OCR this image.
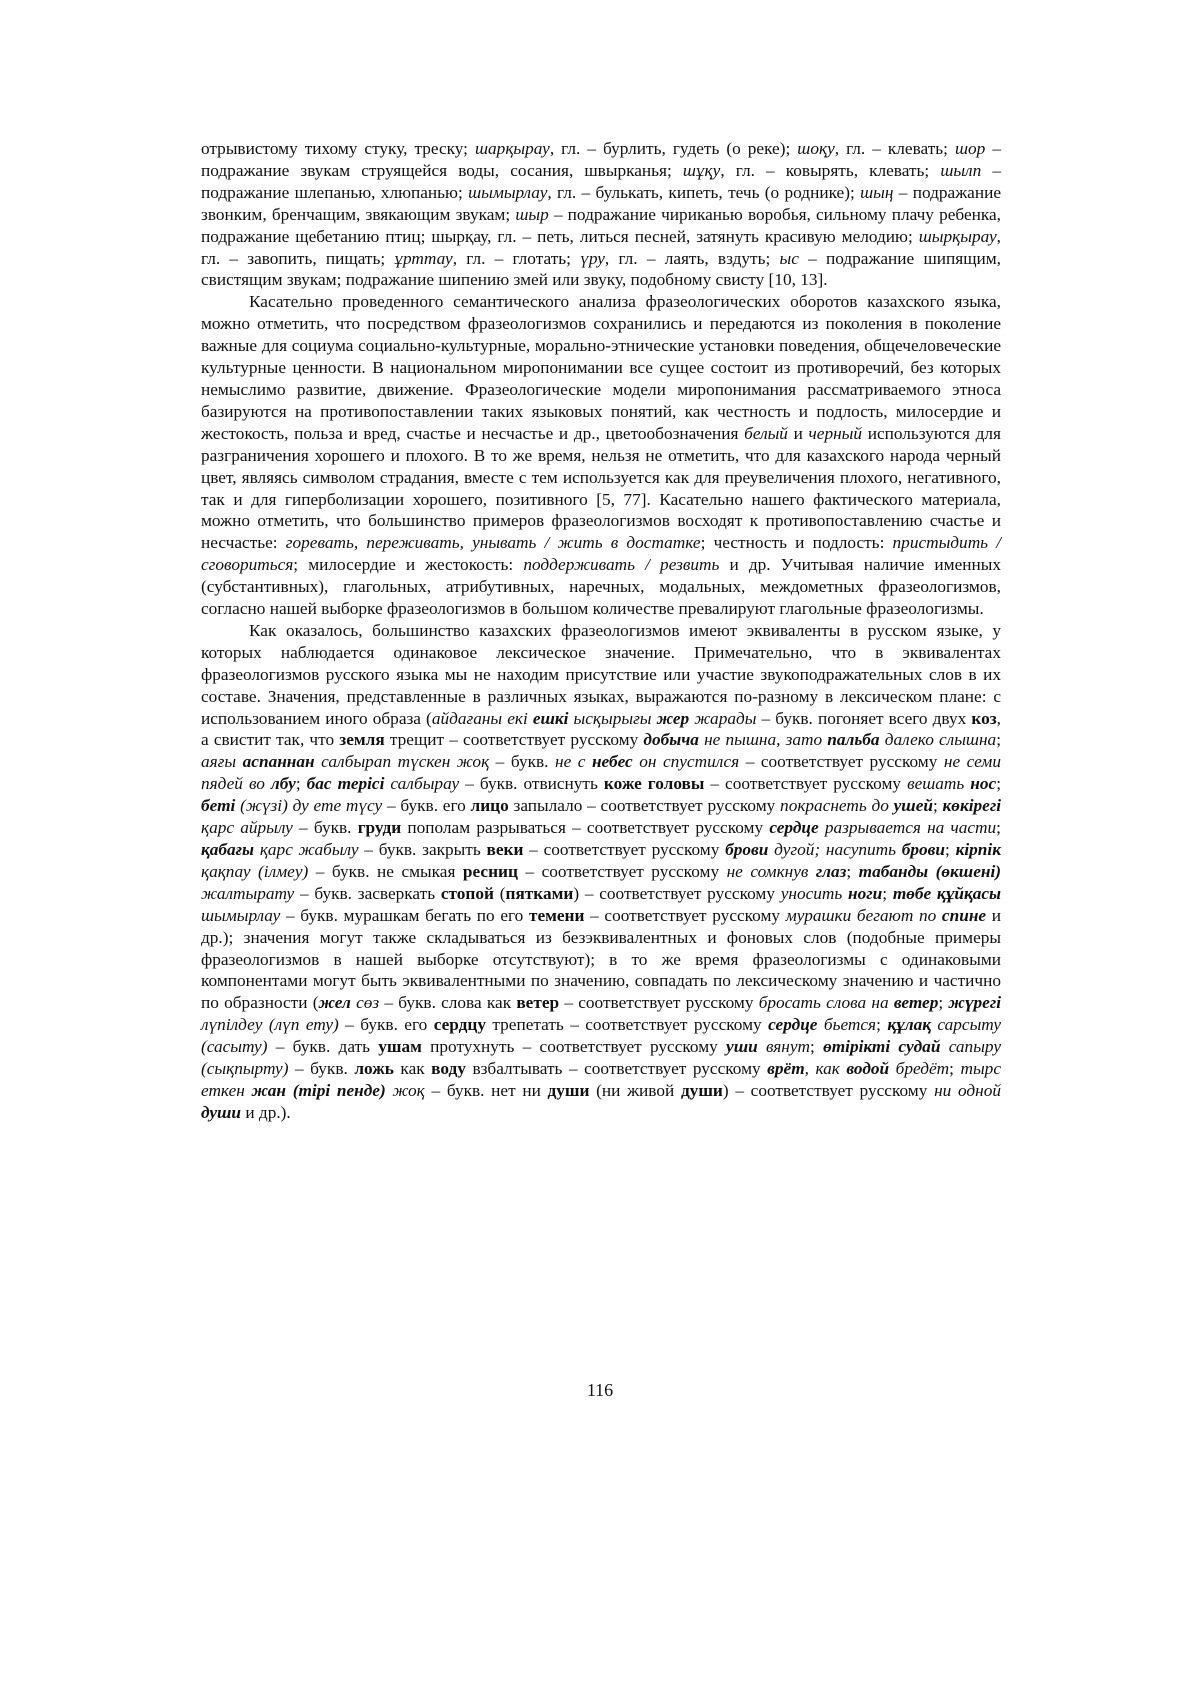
отрывистому тихому стуку, треску; шарқырау, гл. – бурлить, гудеть (о реке); шоқу, гл. – клевать; шор – подражание звукам струящейся воды, сосания, швырканья; шұқу, гл. – ковырять, клевать; шылп – подражание шлепанью, хлюпанью; шымырлау, гл. – булькать, кипеть, течь (о роднике); шың – подражание звонким, бренчащим, звякающим звукам; шыр – подражание чириканью воробья, сильному плачу ребенка, подражание щебетанию птиц; шырқау, гл. – петь, литься песней, затянуть красивую мелодию; шырқырау, гл. – завопить, пищать; ұрттау, гл. – глотать; үру, гл. – лаять, вздуть; ыс – подражание шипящим, свистящим звукам; подражание шипению змей или звуку, подобному свисту [10, 13].

Касательно проведенного семантического анализа фразеологических оборотов казахского языка, можно отметить, что посредством фразеологизмов сохранились и передаются из поколения в поколение важные для социума социально-культурные, морально-этнические установки поведения, общечеловеческие культурные ценности. В национальном миропонимании все сущее состоит из противоречий, без которых немыслимо развитие, движение. Фразеологические модели миропонимания рассматриваемого этноса базируются на противопоставлении таких языковых понятий, как честность и подлость, милосердие и жестокость, польза и вред, счастье и несчастье и др., цветообозначения белый и черный используются для разграничения хорошего и плохого. В то же время, нельзя не отметить, что для казахского народа черный цвет, являясь символом страдания, вместе с тем используется как для преувеличения плохого, негативного, так и для гиперболизации хорошего, позитивного [5, 77]. Касательно нашего фактического материала, можно отметить, что большинство примеров фразеологизмов восходят к противопоставлению счастье и несчастье: горевать, переживать, унывать / жить в достатке; честность и подлость: пристыдить / сговориться; милосердие и жестокость: поддерживать / резвить и др. Учитывая наличие именных (субстантивных), глагольных, атрибутивных, наречных, модальных, междометных фразеологизмов, согласно нашей выборке фразеологизмов в большом количестве превалируют глагольные фразеологизмы.

Как оказалось, большинство казахских фразеологизмов имеют эквиваленты в русском языке, у которых наблюдается одинаковое лексическое значение. Примечательно, что в эквивалентах фразеологизмов русского языка мы не находим присутствие или участие звукоподражательных слов в их составе. Значения, представленные в различных языках, выражаются по-разному в лексическом плане: с использованием иного образа (айдағаны екі ешкі ысқырығы жер жарады – букв. погоняет всего двух коз, а свистит так, что земля трещит – соответствует русскому добыча не пышна, зато пальба далеко слышна; аяғы аспаннан салбырап түскен жоқ – букв. не с небес он спустился – соответствует русскому не семи пядей во лбу; бас терісі салбырау – букв. отвиснуть коже головы – соответствует русскому вешать нос; беті (жүзі) ду ете түсу – букв. его лицо запылало – соответствует русскому покраснеть до ушей; көкірегі қарс айрылу – букв. груди пополам разрываться – соответствует русскому сердце разрывается на части; қабағы қарс жабылу – букв. закрыть веки – соответствует русскому брови дугой; насупить брови; кірпік қақпау (ілмеу) – букв. не смыкая ресниц – соответствует русскому не сомкнув глаз; табанды (өкшені) жалтырату – букв. засверкать стопой (пятками) – соответствует русскому уносить ноги; төбе құйқасы шымырлау – букв. мурашкам бегать по его темени – соответствует русскому мурашки бегают по спине и др.); значения могут также складываться из безэквивалентных и фоновых слов (подобные примеры фразеологизмов в нашей выборке отсутствуют); в то же время фразеологизмы с одинаковыми компонентами могут быть эквивалентными по значению, совпадать по лексическому значению и частично по образности (жел сөз – букв. слова как ветер – соответствует русскому бросать слова на ветер; жүрегі лүпілдеу (лүп ету) – букв. его сердцу трепетать – соответствует русскому сердце бьется; құлақ сарсыту (сасыту) – букв. дать ушам протухнуть – соответствует русскому уши вянут; өтірікті судай сапыру (сықпырту) – букв. ложь как воду взбалтывать – соответствует русскому врёт, как водой бредёт; тырс еткен жан (тірі пенде) жоқ – букв. нет ни души (ни живой души) – соответствует русскому ни одной души и др.).

116
